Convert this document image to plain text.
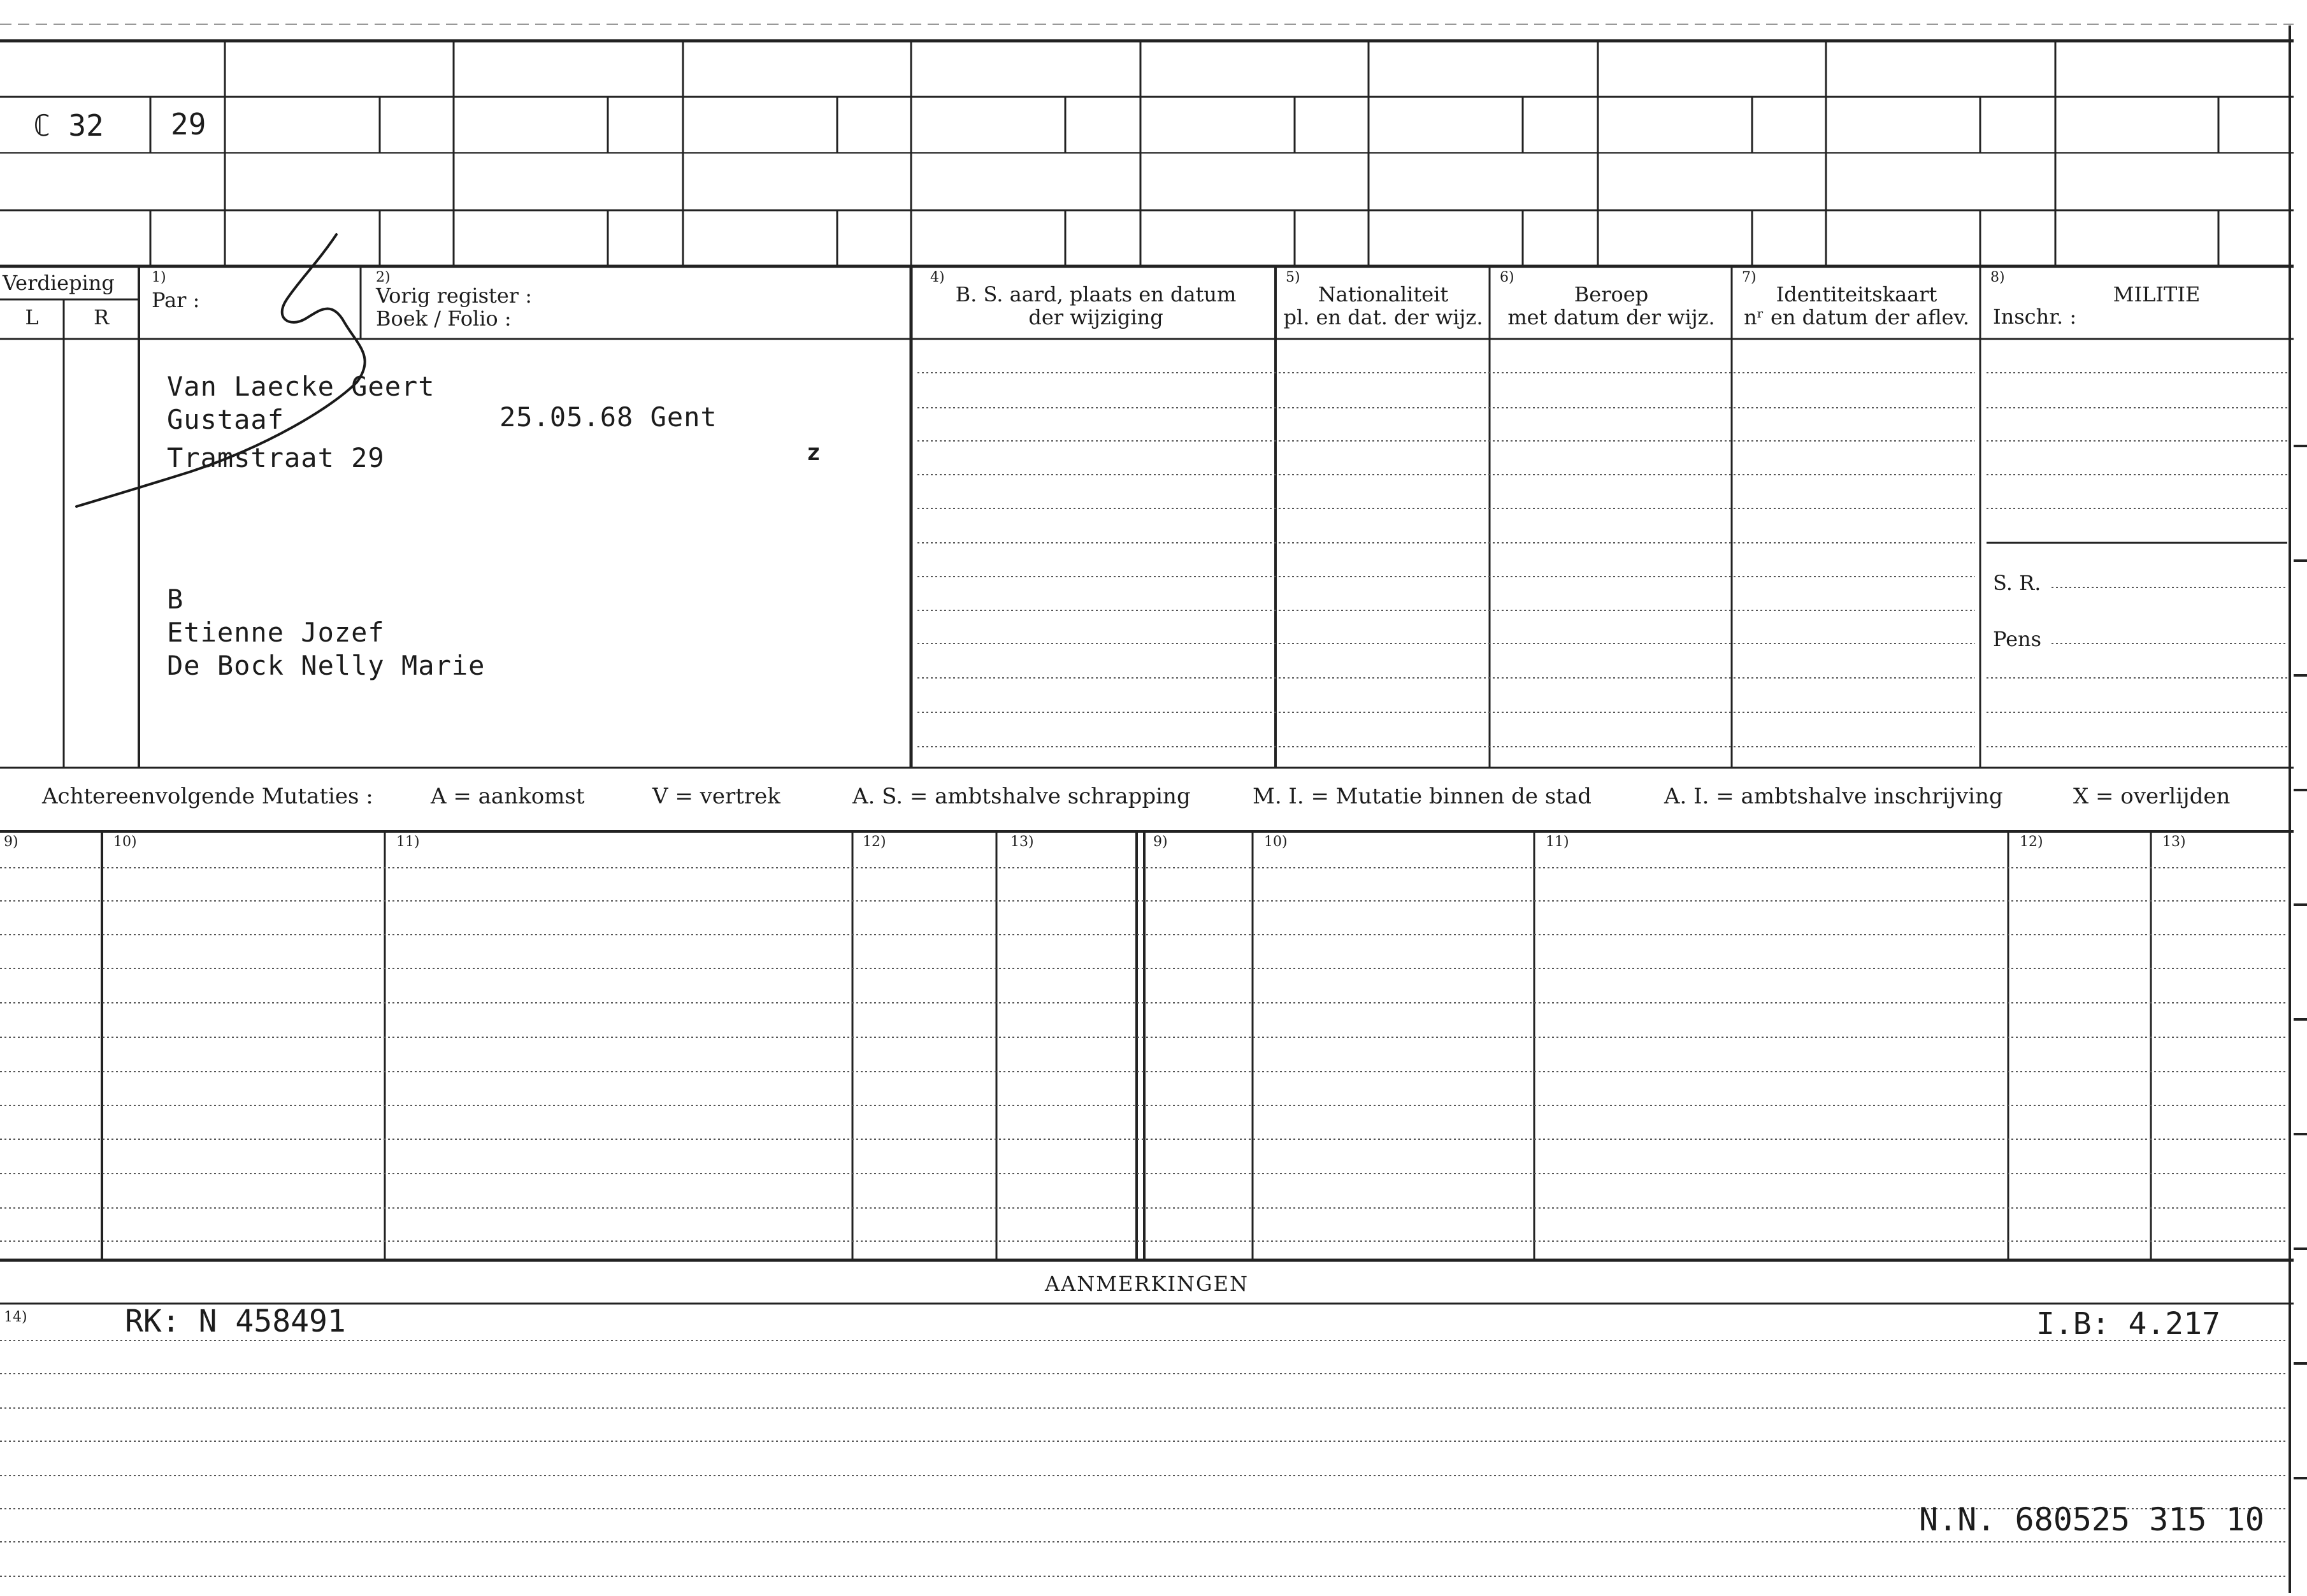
ℂ 32 29
Verdieping
L	R
1)
Par :
2)
Vorig register :
Boek / Folio :
4)
B. S. aard, plaats en datum
der wijziging
5)
Nationaliteit
pl. en dat. der wijz.
6)
Beroep
met datum der wijz.
7)
Identiteitskaart
nʳ en datum der aflev.
8)
MILITIE
Inschr. :
S. R.
Pens
Van Laecke Geert
Gustaaf
Tramstraat 29
25.05.68 Gent
z
B
Etienne Jozef
De Bock Nelly Marie
Achtereenvolgende Mutaties :	A = aankomst	V = vertrek	A. S. = ambtshalve schrapping	M. I. = Mutatie binnen de stad	A. I. = ambtshalve inschrijving	X = overlijden
9)	10)	11)	12)	13)	9)	10)	11)	12)	13)
AANMERKINGEN
14)	RK: N 458491	I.B: 4.217
N.N. 680525 315 10
